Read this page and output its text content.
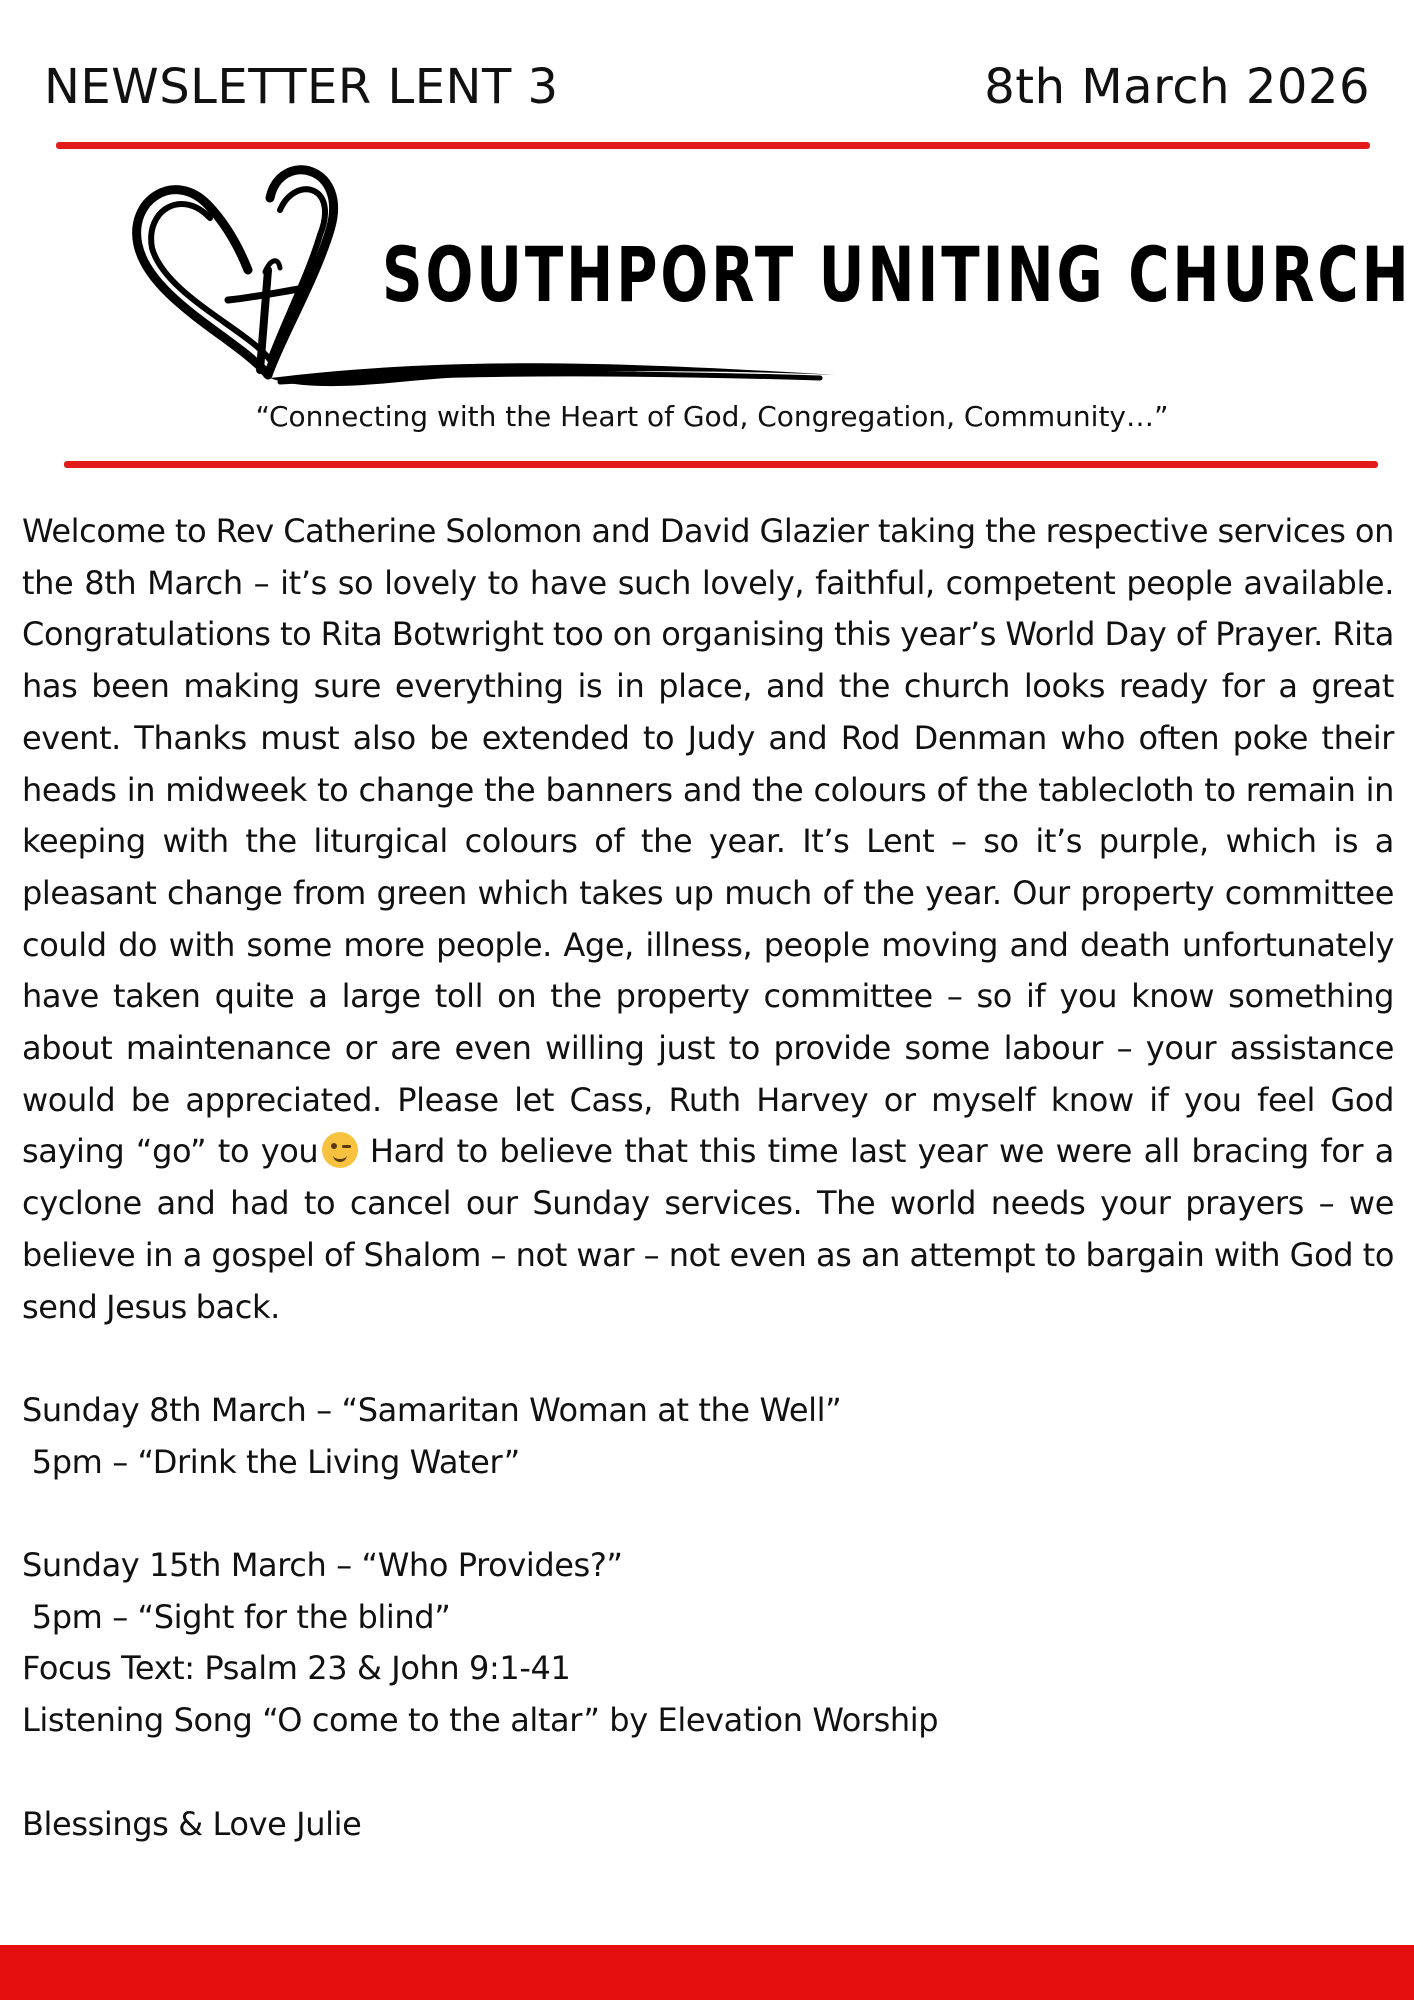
NEWSLETTER LENT 3	8th March 2026
SOUTHPORT UNITING CHURCH
“Connecting with the Heart of God, Congregation, Community…”

Welcome to Rev Catherine Solomon and David Glazier taking the respective services on the 8th March – it’s so lovely to have such lovely, faithful, competent people available. Congratulations to Rita Botwright too on organising this year’s World Day of Prayer. Rita has been making sure everything is in place, and the church looks ready for a great event. Thanks must also be extended to Judy and Rod Denman who often poke their heads in midweek to change the banners and the colours of the tablecloth to remain in keeping with the liturgical colours of the year. It’s Lent – so it’s purple, which is a pleasant change from green which takes up much of the year. Our property committee could do with some more people. Age, illness, people moving and death unfortunately have taken quite a large toll on the property committee – so if you know something about maintenance or are even willing just to provide some labour – your assistance would be appreciated. Please let Cass, Ruth Harvey or myself know if you feel God saying “go” to you Hard to believe that this time last year we were all bracing for a cyclone and had to cancel our Sunday services. The world needs your prayers – we believe in a gospel of Shalom – not war – not even as an attempt to bargain with God to send Jesus back.

Sunday 8th March – “Samaritan Woman at the Well”
5pm – “Drink the Living Water”
Sunday 15th March – “Who Provides?”
5pm – “Sight for the blind”
Focus Text: Psalm 23 & John 9:1-41
Listening Song “O come to the altar” by Elevation Worship
Blessings & Love Julie
